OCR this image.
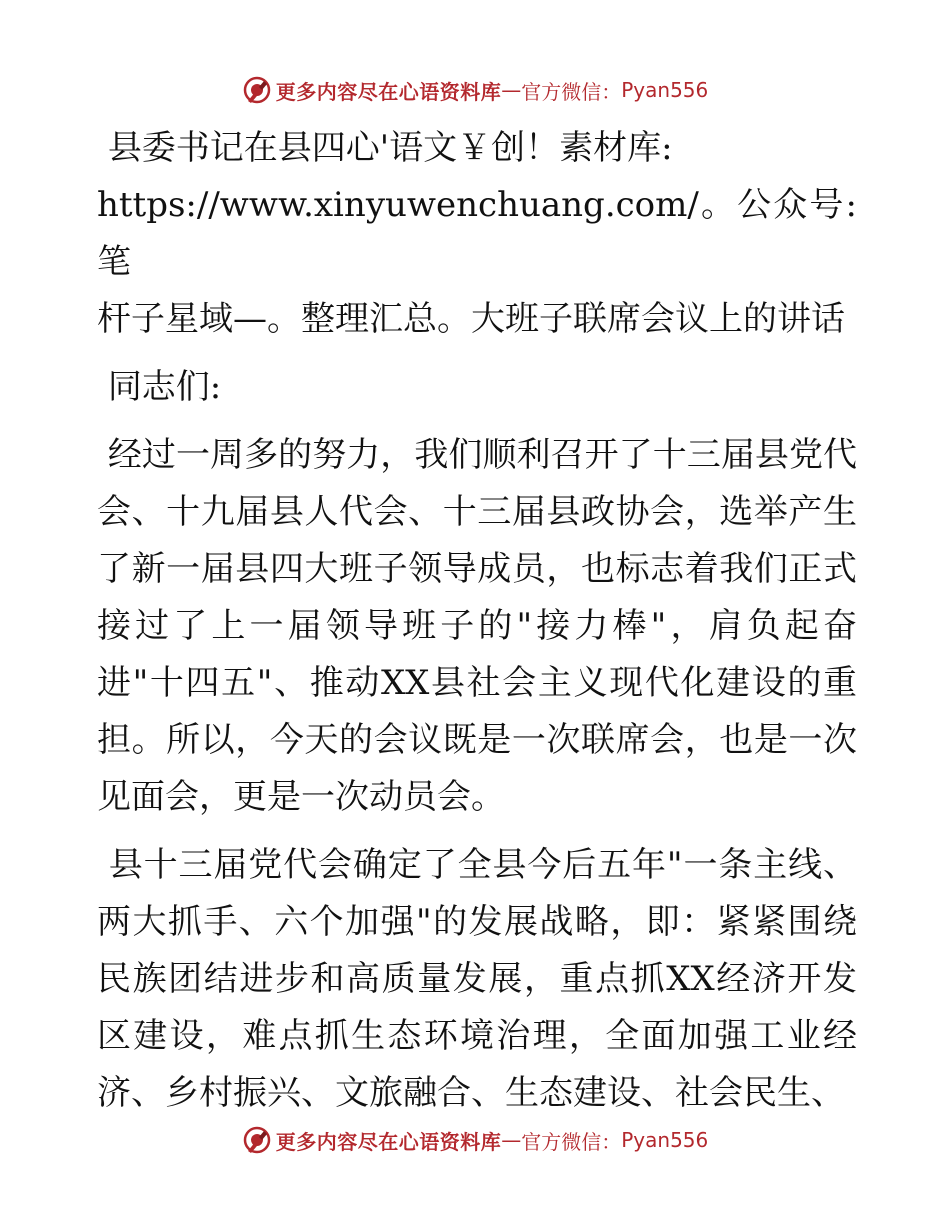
更多内容尽在心语资料库 — 官方微信： Pyan556

县委书记在县四心'语文￥创！素材库:
https://www.xinyuwenchuang.com/。公众号: 笔
杆子星域—。整理汇总。大班子联席会议上的讲话

同志们:

经过一周多的努力，我们顺利召开了十三届县党代会、十九届县人代会、十三届县政协会，选举产生了新一届县四大班子领导成员，也标志着我们正式接过了上一届领导班子的"接力棒"，肩负起奋进"十四五"、推动XX县社会主义现代化建设的重担。所以，今天的会议既是一次联席会，也是一次见面会，更是一次动员会。

县十三届党代会确定了全县今后五年"一条主线、两大抓手、六个加强"的发展战略，即：紧紧围绕民族团结进步和高质量发展，重点抓XX经济开发区建设，难点抓生态环境治理，全面加强工业经济、乡村振兴、文旅融合、生态建设、社会民生、

更多内容尽在心语资料库 — 官方微信： Pyan556
